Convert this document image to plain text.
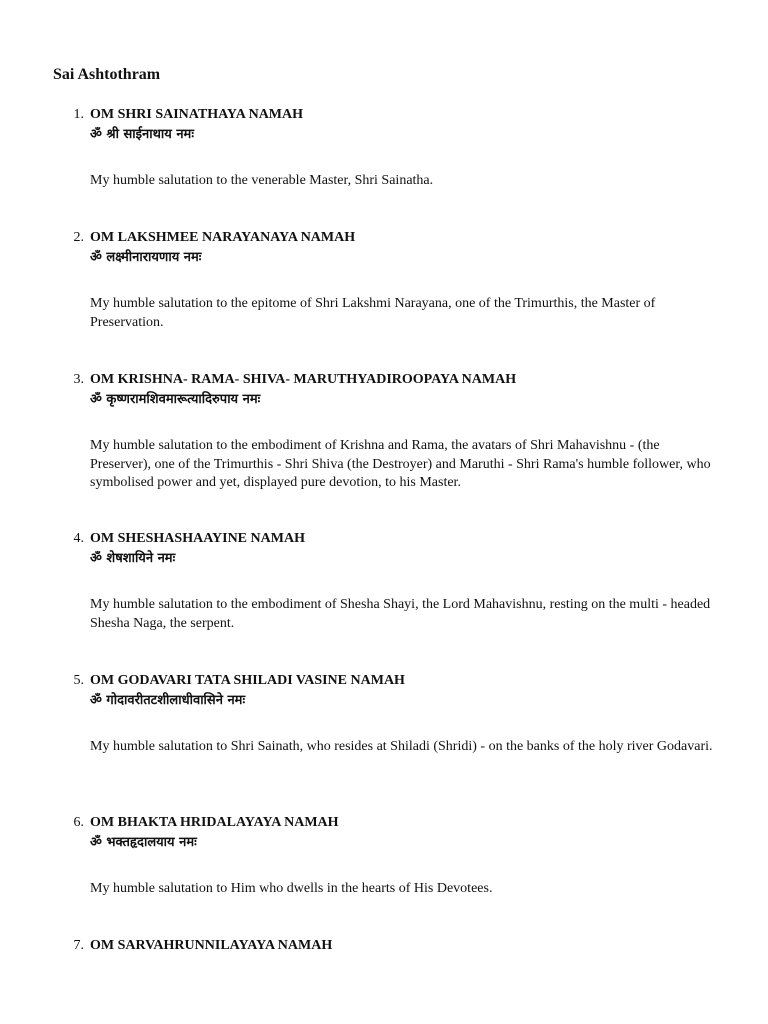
Sai Ashtothram
1. OM SHRI SAINATHAYA NAMAH
ॐ श्री साईनाथाय नमः

My humble salutation to the venerable Master, Shri Sainatha.

2. OM LAKSHMEE NARAYANAYA NAMAH
ॐ लक्ष्मीनारायणाय नमः

My humble salutation to the epitome of Shri Lakshmi Narayana, one of the Trimurthis, the Master of Preservation.

3. OM KRISHNA- RAMA- SHIVA- MARUTHYADIROOPAYA NAMAH
ॐ कृष्णरामशिवमारूत्यादिरुपाय नमः

My humble salutation to the embodiment of Krishna and Rama, the avatars of Shri Mahavishnu - (the Preserver), one of the Trimurthis - Shri Shiva (the Destroyer) and Maruthi - Shri Rama's humble follower, who symbolised power and yet, displayed pure devotion, to his Master.

4. OM SHESHASHAAYINE NAMAH
ॐ शेषशायिने नमः

My humble salutation to the embodiment of Shesha Shayi, the Lord Mahavishnu, resting on the multi - headed Shesha Naga, the serpent.

5. OM GODAVARI TATA SHILADI VASINE NAMAH
ॐ गोदावरीतटशीलाधीवासिने नमः

My humble salutation to Shri Sainath, who resides at Shiladi (Shridi) - on the banks of the holy river Godavari.

6. OM BHAKTA HRIDALAYAYA NAMAH
ॐ भक्तहृदालयाय नमः

My humble salutation to Him who dwells in the hearts of His Devotees.

7. OM SARVAHRUNNILAYAYA NAMAH
